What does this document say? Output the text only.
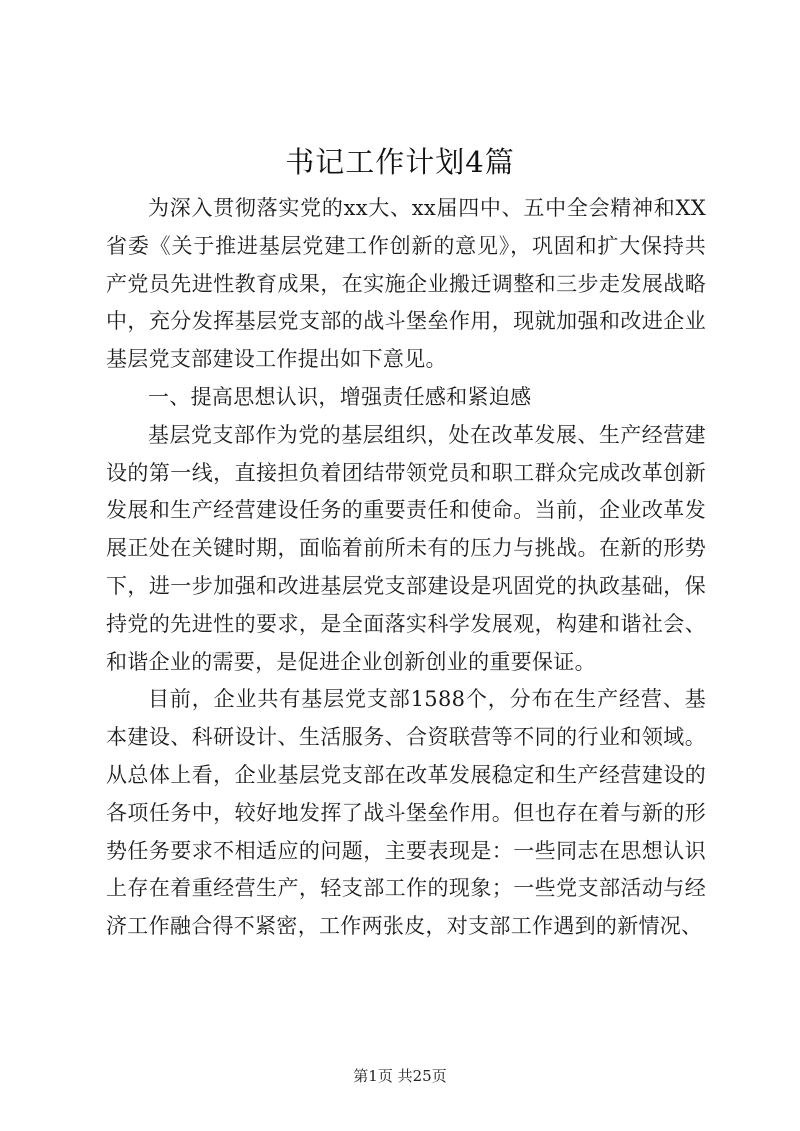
书记工作计划4篇

为深入贯彻落实党的xx大、xx届四中、五中全会精神和XX省委《关于推进基层党建工作创新的意见》，巩固和扩大保持共产党员先进性教育成果，在实施企业搬迁调整和三步走发展战略中，充分发挥基层党支部的战斗堡垒作用，现就加强和改进企业基层党支部建设工作提出如下意见。

一、提高思想认识，增强责任感和紧迫感

基层党支部作为党的基层组织，处在改革发展、生产经营建设的第一线，直接担负着团结带领党员和职工群众完成改革创新发展和生产经营建设任务的重要责任和使命。当前，企业改革发展正处在关键时期，面临着前所未有的压力与挑战。在新的形势下，进一步加强和改进基层党支部建设是巩固党的执政基础，保持党的先进性的要求，是全面落实科学发展观，构建和谐社会、和谐企业的需要，是促进企业创新创业的重要保证。

目前，企业共有基层党支部1588个，分布在生产经营、基本建设、科研设计、生活服务、合资联营等不同的行业和领域。从总体上看，企业基层党支部在改革发展稳定和生产经营建设的各项任务中，较好地发挥了战斗堡垒作用。但也存在着与新的形势任务要求不相适应的问题，主要表现是：一些同志在思想认识上存在着重经营生产，轻支部工作的现象；一些党支部活动与经济工作融合得不紧密，工作两张皮，对支部工作遇到的新情况、

第1页 共25页
